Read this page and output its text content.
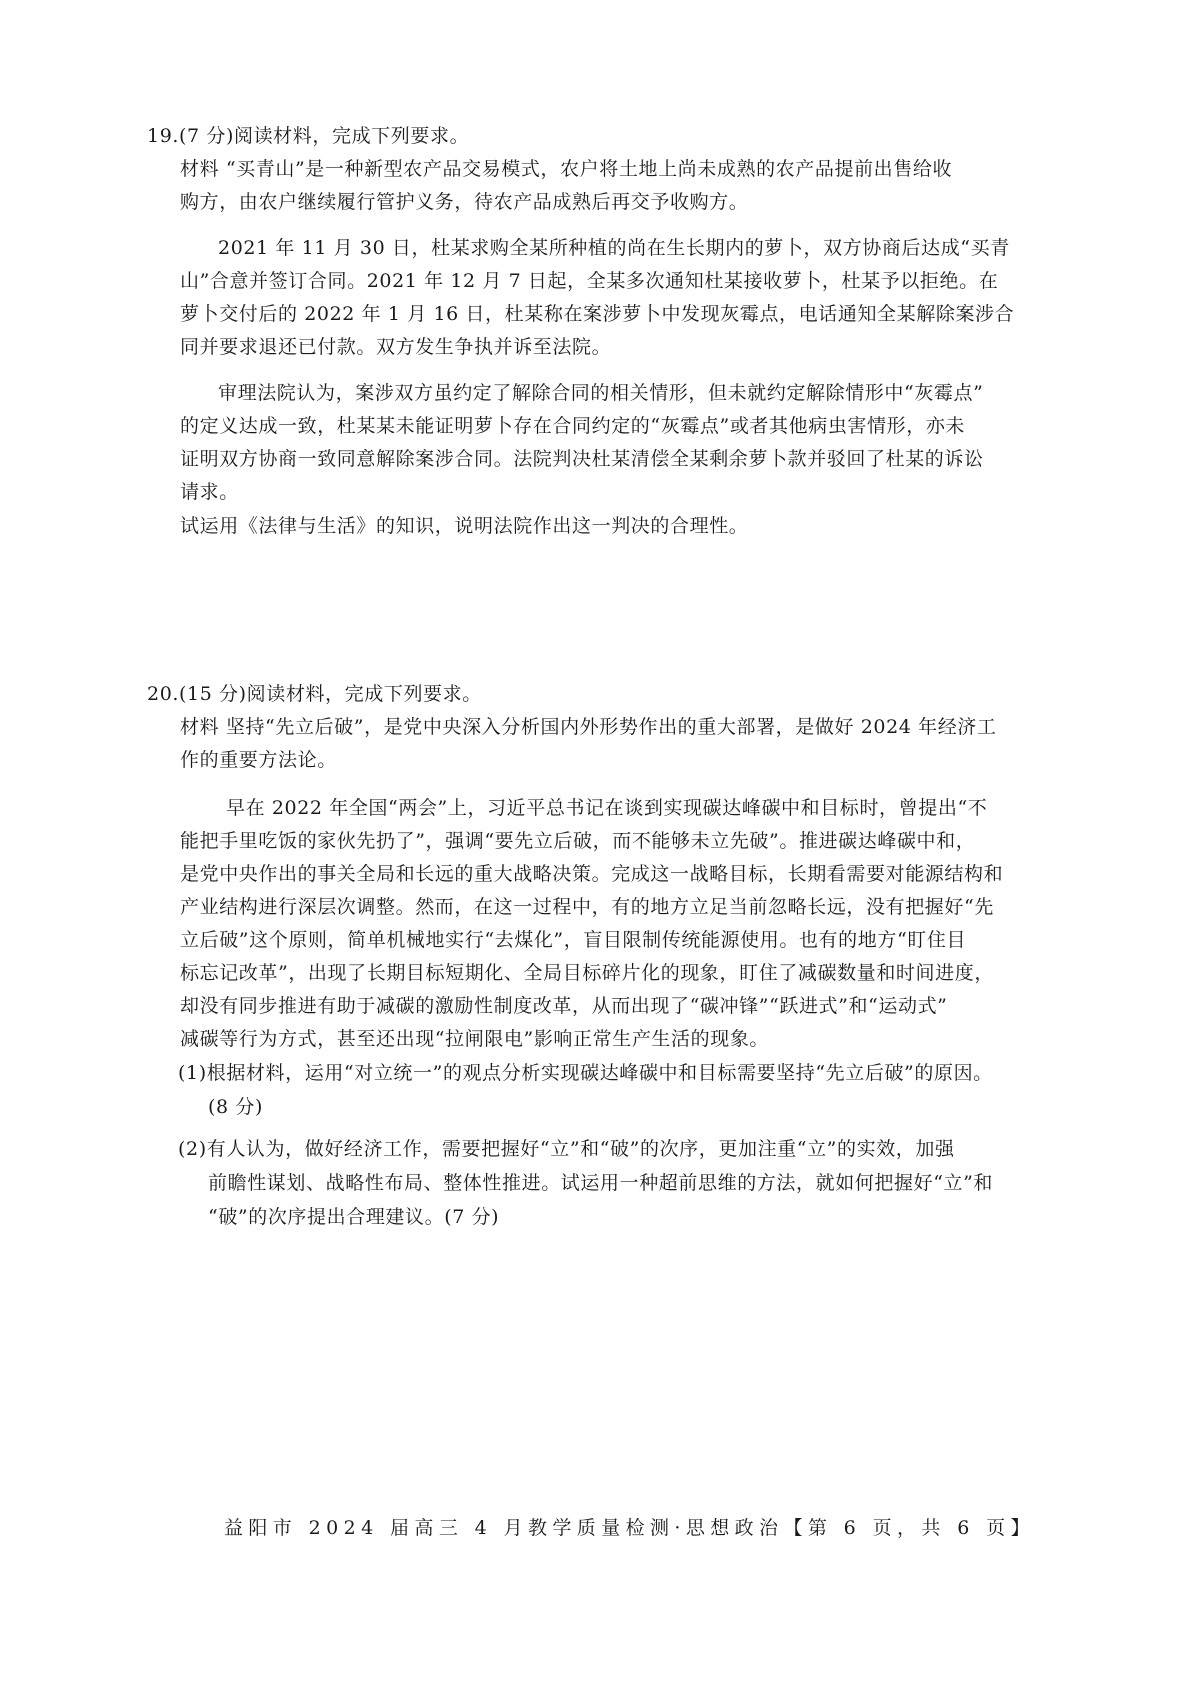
19.(7 分)阅读材料，完成下列要求。
材料 “买青山”是一种新型农产品交易模式，农户将土地上尚未成熟的农产品提前出售给收
购方，由农户继续履行管护义务，待农产品成熟后再交予收购方。
2021 年 11 月 30 日，杜某求购全某所种植的尚在生长期内的萝卜，双方协商后达成“买青
山”合意并签订合同。2021 年 12 月 7 日起，全某多次通知杜某接收萝卜，杜某予以拒绝。在
萝卜交付后的 2022 年 1 月 16 日，杜某称在案涉萝卜中发现灰霉点，电话通知全某解除案涉合
同并要求退还已付款。双方发生争执并诉至法院。
审理法院认为，案涉双方虽约定了解除合同的相关情形，但未就约定解除情形中“灰霉点”
的定义达成一致，杜某某未能证明萝卜存在合同约定的“灰霉点”或者其他病虫害情形，亦未
证明双方协商一致同意解除案涉合同。法院判决杜某清偿全某剩余萝卜款并驳回了杜某的诉讼
请求。
试运用《法律与生活》的知识，说明法院作出这一判决的合理性。
20.(15 分)阅读材料，完成下列要求。
材料 坚持“先立后破”，是党中央深入分析国内外形势作出的重大部署，是做好 2024 年经济工
作的重要方法论。
早在 2022 年全国“两会”上，习近平总书记在谈到实现碳达峰碳中和目标时，曾提出“不
能把手里吃饭的家伙先扔了”，强调“要先立后破，而不能够未立先破”。推进碳达峰碳中和，
是党中央作出的事关全局和长远的重大战略决策。完成这一战略目标，长期看需要对能源结构和
产业结构进行深层次调整。然而，在这一过程中，有的地方立足当前忽略长远，没有把握好“先
立后破”这个原则，简单机械地实行“去煤化”，盲目限制传统能源使用。也有的地方“盯住目
标忘记改革”，出现了长期目标短期化、全局目标碎片化的现象，盯住了减碳数量和时间进度，
却没有同步推进有助于减碳的激励性制度改革，从而出现了“碳冲锋”“跃进式”和“运动式”
减碳等行为方式，甚至还出现“拉闸限电”影响正常生产生活的现象。
(1)根据材料，运用“对立统一”的观点分析实现碳达峰碳中和目标需要坚持“先立后破”的原因。
(8 分)
(2)有人认为，做好经济工作，需要把握好“立”和“破”的次序，更加注重“立”的实效，加强
前瞻性谋划、战略性布局、整体性推进。试运用一种超前思维的方法，就如何把握好“立”和
“破”的次序提出合理建议。(7 分)
益阳市 2024 届高三 4 月教学质量检测·思想政治【第 6 页，共 6 页】
